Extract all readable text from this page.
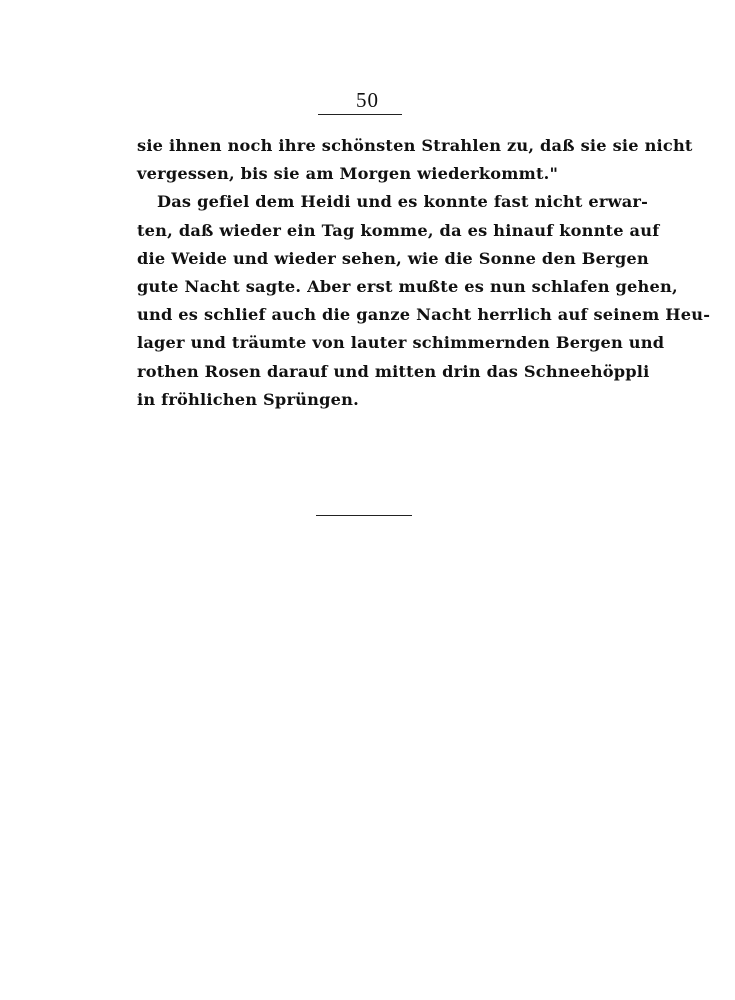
50
sie ihnen noch ihre schönsten Strahlen zu, daß sie sie nicht
vergessen, bis sie am Morgen wiederkommt."
Das gefiel dem Heidi und es konnte fast nicht erwar-
ten, daß wieder ein Tag komme, da es hinauf konnte auf
die Weide und wieder sehen, wie die Sonne den Bergen
gute Nacht sagte. Aber erst mußte es nun schlafen gehen,
und es schlief auch die ganze Nacht herrlich auf seinem Heu-
lager und träumte von lauter schimmernden Bergen und
rothen Rosen darauf und mitten drin das Schneehöppli
in fröhlichen Sprüngen.
